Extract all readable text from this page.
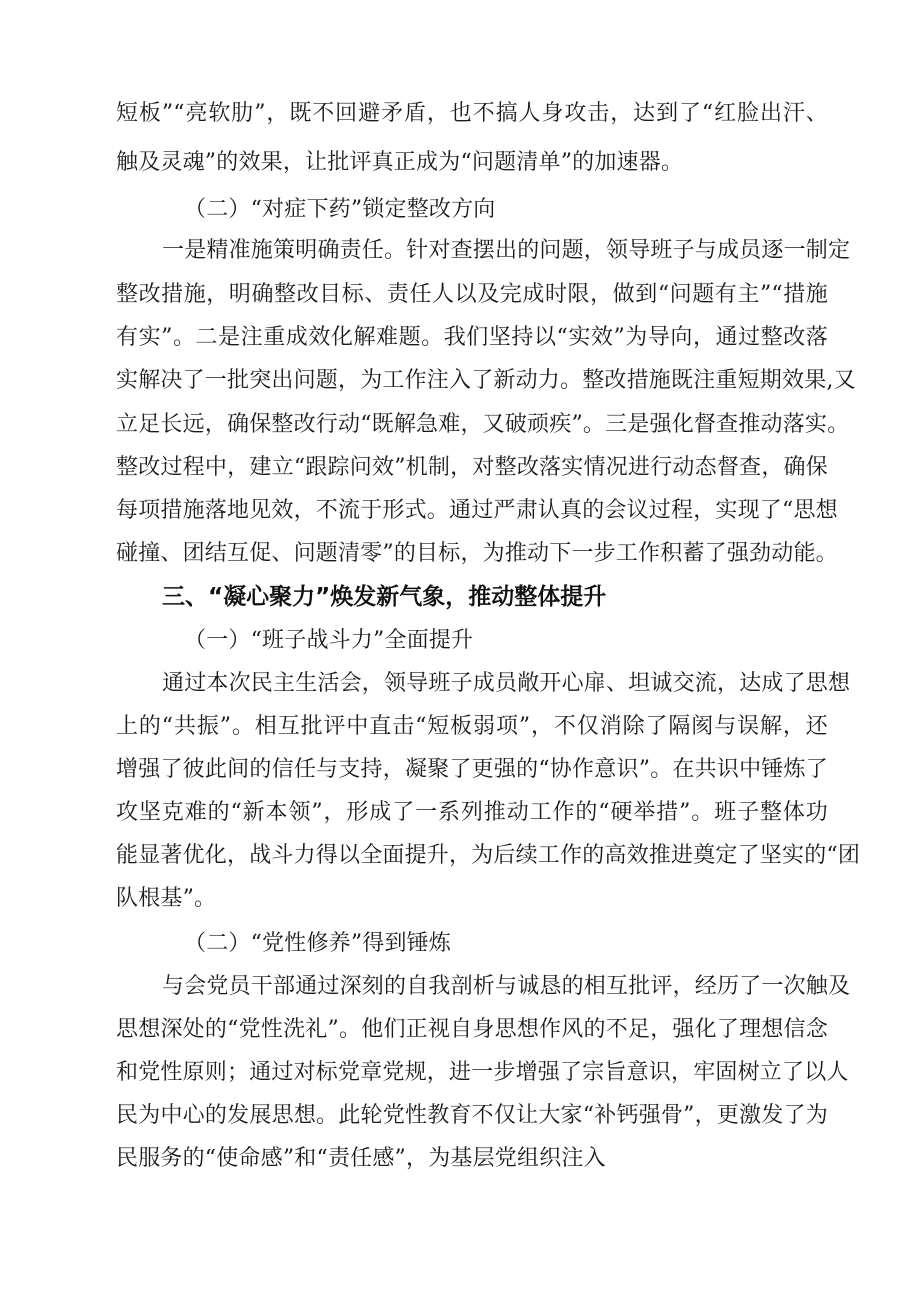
短板”“亮软肋”，既不回避矛盾，也不搞人身攻击，达到了“红脸出汗、
触及灵魂”的效果，让批评真正成为“问题清单”的加速器。
（二）“对症下药”锁定整改方向
一是精准施策明确责任。针对查摆出的问题，领导班子与成员逐一制定
整改措施，明确整改目标、责任人以及完成时限，做到“问题有主”“措施
有实”。二是注重成效化解难题。我们坚持以“实效”为导向，通过整改落
实解决了一批突出问题，为工作注入了新动力。整改措施既注重短期效果,又
立足长远，确保整改行动“既解急难，又破顽疾”。三是强化督查推动落实。
整改过程中，建立“跟踪问效”机制，对整改落实情况进行动态督查，确保
每项措施落地见效，不流于形式。通过严肃认真的会议过程，实现了“思想
碰撞、团结互促、问题清零”的目标，为推动下一步工作积蓄了强劲动能。
三、“凝心聚力”焕发新气象，推动整体提升
（一）“班子战斗力”全面提升
通过本次民主生活会，领导班子成员敞开心扉、坦诚交流，达成了思想
上的“共振”。相互批评中直击“短板弱项”，不仅消除了隔阂与误解，还
增强了彼此间的信任与支持，凝聚了更强的“协作意识”。在共识中锤炼了
攻坚克难的“新本领”，形成了一系列推动工作的“硬举措”。班子整体功
能显著优化，战斗力得以全面提升，为后续工作的高效推进奠定了坚实的“团
队根基”。
（二）“党性修养”得到锤炼
与会党员干部通过深刻的自我剖析与诚恳的相互批评，经历了一次触及
思想深处的“党性洗礼”。他们正视自身思想作风的不足，强化了理想信念
和党性原则；通过对标党章党规，进一步增强了宗旨意识，牢固树立了以人
民为中心的发展思想。此轮党性教育不仅让大家“补钙强骨”，更激发了为
民服务的“使命感”和“责任感”，为基层党组织注入
